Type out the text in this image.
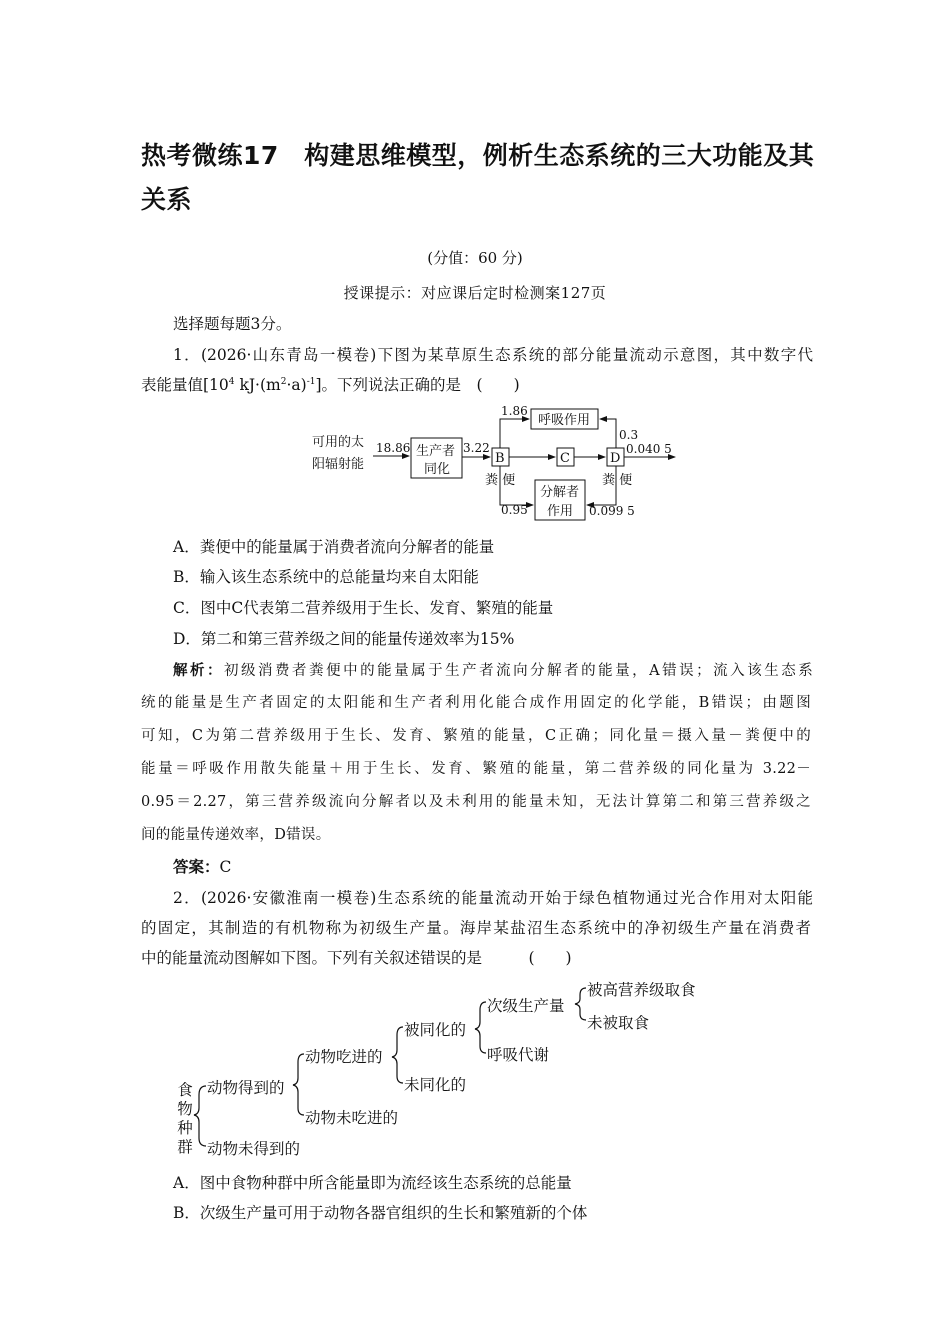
热考微练17　构建思维模型，例析生态系统的三大功能及其
关系
(分值：60 分)
授课提示：对应课后定时检测案127页
选择题每题3分。
1．(2026·山东青岛一模卷)下图为某草原生态系统的部分能量流动示意图，其中数字代
表能量值[$10^4$ $kJ\cdot(m^2\cdot a)^{-1}$]。下列说法正确的是　(　　)
可用的太
阳辐射能
18.86 生产者
同化
3.22
B	C	D
1.86
呼吸作用
0.3
0.040 5
粪 便	粪 便
分解者
作用
0.95	0.099 5
A．粪便中的能量属于消费者流向分解者的能量
B．输入该生态系统中的总能量均来自太阳能
C．图中C代表第二营养级用于生长、发育、繁殖的能量
D．第二和第三营养级之间的能量传递效率为15%
解析：初级消费者粪便中的能量属于生产者流向分解者的能量，A错误；流入该生态系
统的能量是生产者固定的太阳能和生产者利用化能合成作用固定的化学能，B错误；由题图
可知，C为第二营养级用于生长、发育、繁殖的能量，C正确；同化量＝摄入量－粪便中的
能量＝呼吸作用散失能量＋用于生长、发育、繁殖的能量，第二营养级的同化量为 3.22－
0.95＝2.27，第三营养级流向分解者以及未利用的能量未知，无法计算第二和第三营养级之
间的能量传递效率，D错误。
答案：C
2．(2026·安徽淮南一模卷)生态系统的能量流动开始于绿色植物通过光合作用对太阳能
的固定，其制造的有机物称为初级生产量。海岸某盐沼生态系统中的净初级生产量在消费者
中的能量流动图解如下图。下列有关叙述错误的是　　　(　　)
食
物
种
群
动物得到的
动物未得到的
动物吃进的
动物未吃进的
被同化的
未同化的
次级生产量
呼吸代谢
被高营养级取食
未被取食
A．图中食物种群中所含能量即为流经该生态系统的总能量
B．次级生产量可用于动物各器官组织的生长和繁殖新的个体
